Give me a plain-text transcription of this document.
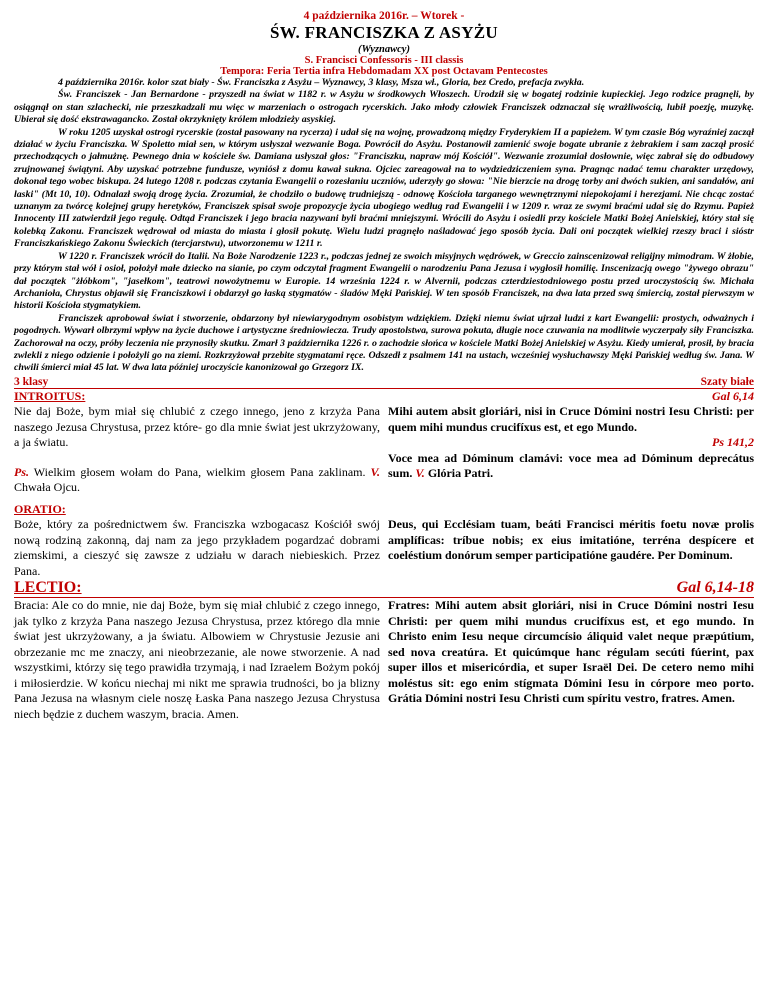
4 października 2016r. – Wtorek -
ŚW. FRANCISZKA Z ASYŻU
(Wyznawcy)
S. Francisci Confessoris - III classis
Tempora: Feria Tertia infra Hebdomadam XX post Octavam Pentecostes

4 października 2016r. kolor szat biały - Św. Franciszka z Asyżu – Wyznawcy, 3 klasy, Msza wł., Gloria, bez Credo, prefacja zwykła.

Św. Franciszek - Jan Bernardone - przyszedł na świat w 1182 r. w Asyżu w środkowych Włoszech. Urodził się w bogatej rodzinie kupieckiej. Jego rodzice pragnęli, by osiągnął on stan szlachecki, nie przeszkadzali mu więc w marzeniach o ostrogach rycerskich. Jako młody człowiek Franciszek odznaczał się wrażliwością, lubił poezję, muzykę. Ubierał się dość ekstrawagancko. Został okrzyknięty królem młodzieży asyskiej.

W roku 1205 uzyskał ostrogi rycerskie (został pasowany na rycerza) i udał się na wojnę, prowadzoną między Fryderykiem II a papieżem. W tym czasie Bóg wyraźniej zaczął działać w życiu Franciszka. W Spoletto miał sen, w którym usłyszał wezwanie Boga. Powrócił do Asyżu. Postanowił zamienić swoje bogate ubranie z żebrakiem i sam zaczął prosić przechodzących o jałmużnę. Pewnego dnia w kościele św. Damiana usłyszał głos: "Franciszku, napraw mój Kościół". Wezwanie zrozumiał dosłownie, więc zabrał się do odbudowy zrujnowanej świątyni. Aby uzyskać potrzebne fundusze, wyniósł z domu kawał sukna. Ojciec zareagował na to wydziedziczeniem syna. Pragnąc nadać temu charakter urzędowy, dokonał tego wobec biskupa. 24 lutego 1208 r. podczas czytania Ewangelii o rozesłaniu uczniów, uderzyły go słowa: "Nie bierzcie na drogę torby ani dwóch sukien, ani sandałów, ani laski" (Mt 10, 10). Odnalazł swoją drogę życia. Zrozumiał, że chodziło o budowę trudniejszą - odnowę Kościoła targanego wewnętrznymi niepokojami i herezjami. Nie chcąc zostać uznanym za twórcę kolejnej grupy heretyków, Franciszek spisał swoje propozycje życia ubogiego według rad Ewangelii i w 1209 r. wraz ze swymi braćmi udał się do Rzymu. Papież Innocenty III zatwierdził jego regułę. Odtąd Franciszek i jego bracia nazywani byli braćmi mniejszymi. Wrócili do Asyżu i osiedli przy kościele Matki Bożej Anielskiej, który stał się kolebką Zakonu. Franciszek wędrował od miasta do miasta i głosił pokutę. Wielu ludzi pragnęło naśladować jego sposób życia. Dali oni początek wielkiej rzeszy braci i sióstr Franciszkańskiego Zakonu Świeckich (tercjarstwu), utworzonemu w 1211 r.

W 1220 r. Franciszek wrócił do Italii. Na Boże Narodzenie 1223 r., podczas jednej ze swoich misyjnych wędrówek, w Greccio zainscenizował religijny mimodram. W żłobie, przy którym stał wół i osioł, położył małe dziecko na sianie, po czym odczytał fragment Ewangelii o narodzeniu Pana Jezusa i wygłosił homilię. Inscenizacją owego "żywego obrazu" dał początek "żłóbkom", "jasełkom", teatrowi nowożytnemu w Europie. 14 września 1224 r. w Alvernii, podczas czterdziestodniowego postu przed uroczystością św. Michała Archanioła, Chrystus objawił się Franciszkowi i obdarzył go łaską stygmatów - śladów Męki Pańskiej. W ten sposób Franciszek, na dwa lata przed swą śmiercią, został pierwszym w historii Kościoła stygmatykiem.

Franciszek aprobował świat i stworzenie, obdarzony był niewiarygodnym osobistym wdziękiem. Dzięki niemu świat ujrzał ludzi z kart Ewangelii: prostych, odważnych i pogodnych. Wywarł olbrzymi wpływ na życie duchowe i artystyczne średniowiecza. Trudy apostolstwa, surowa pokuta, długie noce czuwania na modlitwie wyczerpały siły Franciszka. Zachorował na oczy, próby leczenia nie przynosiły skutku. Zmarł 3 października 1226 r. o zachodzie słońca w kościele Matki Bożej Anielskiej w Asyżu. Kiedy umierał, prosił, by bracia zwlekli z niego odzienie i położyli go na ziemi. Rozkrzyżował przebite stygmatami ręce. Odszedł z psalmem 141 na ustach, wcześniej wysłuchawszy Męki Pańskiej według św. Jana. W chwili śmierci miał 45 lat. W dwa lata później uroczyście kanonizował go Grzegorz IX.

3 klasy	Szaty białe
INTROITUS:

Nie daj Boże, bym miał się chlubić z czego innego, jeno z krzyża Pana naszego Jezusa Chrystusa, przez które- go dla mnie świat jest ukrzyżowany, a ja światu.

Ps. Wielkim głosem wołam do Pana, wielkim głosem Pana zaklinam. V. Chwała Ojcu.

Gal 6,14

Mihi autem absit gloriári, nisi in Cruce Dómini nostri Iesu Christi: per quem mihi mundus crucifíxus est, et ego Mundo.

Ps 141,2

Voce mea ad Dóminum clamávi: voce mea ad Dóminum deprecátus sum. V. Glória Patri.

ORATIO:

Boże, który za pośrednictwem św. Franciszka wzbogacasz Kościół swój nową rodziną zakonną, daj nam za jego przykładem pogardzać dobrami ziemskimi, a cieszyć się zawsze z udziału w darach niebieskich. Przez Pana.

Deus, qui Ecclésiam tuam, beáti Francisci méritis foetu novæ prolis amplíficas: tríbue nobis; ex eius imitatióne, terréna despícere et coeléstium donórum semper participatióne gaudére. Per Dominum.

LECTIO:	Gal 6,14-18

Bracia: Ale co do mnie, nie daj Boże, bym się miał chlubić z czego innego, jak tylko z krzyża Pana naszego Jezusa Chrystusa, przez którego dla mnie świat jest ukrzyżowany, a ja światu. Albowiem w Chrystusie Jezusie ani obrzezanie mc me znaczy, ani nieobrzezanie, ale nowe stworzenie. A nad wszystkimi, którzy się tego prawidła trzymają, i nad Izraelem Bożym pokój i miłosierdzie. W końcu niechaj mi nikt me sprawia trudności, bo ja blizny Pana Jezusa na własnym ciele noszę Łaska Pana naszego Jezusa Chrystusa niech będzie z duchem waszym, bracia. Amen.

Fratres: Mihi autem absit gloriári, nisi in Cruce Dómini nostri Iesu Christi: per quem mihi mundus crucifíxus est, et ego mundo. In Christo enim Iesu neque circumcísio áliquid valet neque præpútium, sed nova creatúra. Et quicúmque hanc régulam secúti fúerint, pax super illos et misericórdia, et super Israël Dei. De cetero nemo mihi moléstus sit: ego enim stígmata Dómini Iesu in córpore meo porto. Grátia Dómini nostri Iesu Christi cum spíritu vestro, fratres. Amen.
